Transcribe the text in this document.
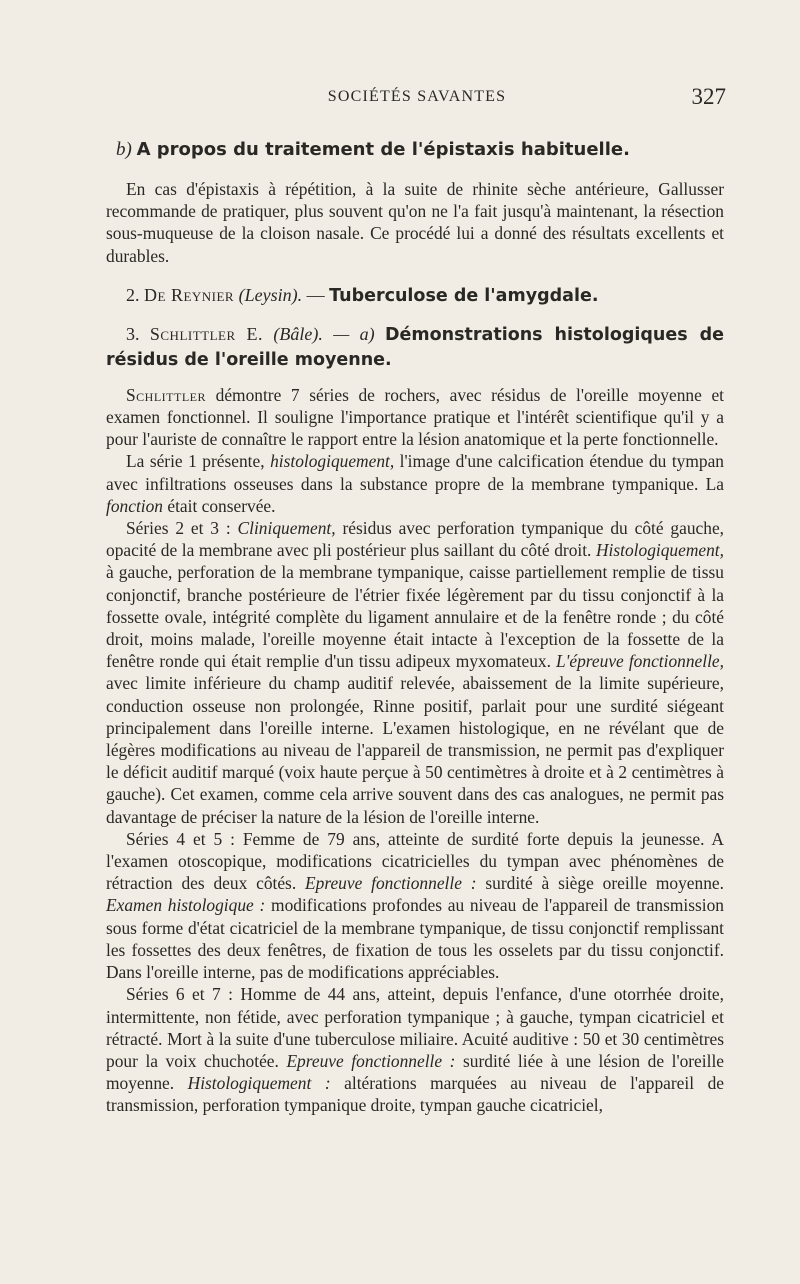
SOCIÉTÉS SAVANTES	327

b) A propos du traitement de l'épistaxis habituelle.

En cas d'épistaxis à répétition, à la suite de rhinite sèche antérieure, Gallusser recommande de pratiquer, plus souvent qu'on ne l'a fait jusqu'à maintenant, la résection sous-muqueuse de la cloison nasale. Ce procédé lui a donné des résultats excellents et durables.

2. De Reynier (Leysin). — Tuberculose de l'amygdale.

3. Schlittler E. (Bâle). — a) Démonstrations histologiques de résidus de l'oreille moyenne.

Schlittler démontre 7 séries de rochers, avec résidus de l'oreille moyenne et examen fonctionnel. Il souligne l'importance pratique et l'intérêt scientifique qu'il y a pour l'auriste de connaître le rapport entre la lésion anatomique et la perte fonctionnelle.

La série 1 présente, histologiquement, l'image d'une calcification étendue du tympan avec infiltrations osseuses dans la substance propre de la membrane tympanique. La fonction était conservée.

Séries 2 et 3 : Cliniquement, résidus avec perforation tympanique du côté gauche, opacité de la membrane avec pli postérieur plus saillant du côté droit. Histologiquement, à gauche, perforation de la membrane tympanique, caisse partiellement remplie de tissu conjonctif, branche postérieure de l'étrier fixée légèrement par du tissu conjonctif à la fossette ovale, intégrité complète du ligament annulaire et de la fenêtre ronde ; du côté droit, moins malade, l'oreille moyenne était intacte à l'exception de la fossette de la fenêtre ronde qui était remplie d'un tissu adipeux myxomateux. L'épreuve fonctionnelle, avec limite inférieure du champ auditif relevée, abaissement de la limite supérieure, conduction osseuse non prolongée, Rinne positif, parlait pour une surdité siégeant principalement dans l'oreille interne. L'examen histologique, en ne révélant que de légères modifications au niveau de l'appareil de transmission, ne permit pas d'expliquer le déficit auditif marqué (voix haute perçue à 50 centimètres à droite et à 2 centimètres à gauche). Cet examen, comme cela arrive souvent dans des cas analogues, ne permit pas davantage de préciser la nature de la lésion de l'oreille interne.

Séries 4 et 5 : Femme de 79 ans, atteinte de surdité forte depuis la jeunesse. A l'examen otoscopique, modifications cicatricielles du tympan avec phénomènes de rétraction des deux côtés. Epreuve fonctionnelle : surdité à siège oreille moyenne. Examen histologique : modifications profondes au niveau de l'appareil de transmission sous forme d'état cicatriciel de la membrane tympanique, de tissu conjonctif remplissant les fossettes des deux fenêtres, de fixation de tous les osselets par du tissu conjonctif. Dans l'oreille interne, pas de modifications appréciables.

Séries 6 et 7 : Homme de 44 ans, atteint, depuis l'enfance, d'une otorrhée droite, intermittente, non fétide, avec perforation tympanique ; à gauche, tympan cicatriciel et rétracté. Mort à la suite d'une tuberculose miliaire. Acuité auditive : 50 et 30 centimètres pour la voix chuchotée. Epreuve fonctionnelle : surdité liée à une lésion de l'oreille moyenne. Histologiquement : altérations marquées au niveau de l'appareil de transmission, perforation tympanique droite, tympan gauche cicatriciel,
